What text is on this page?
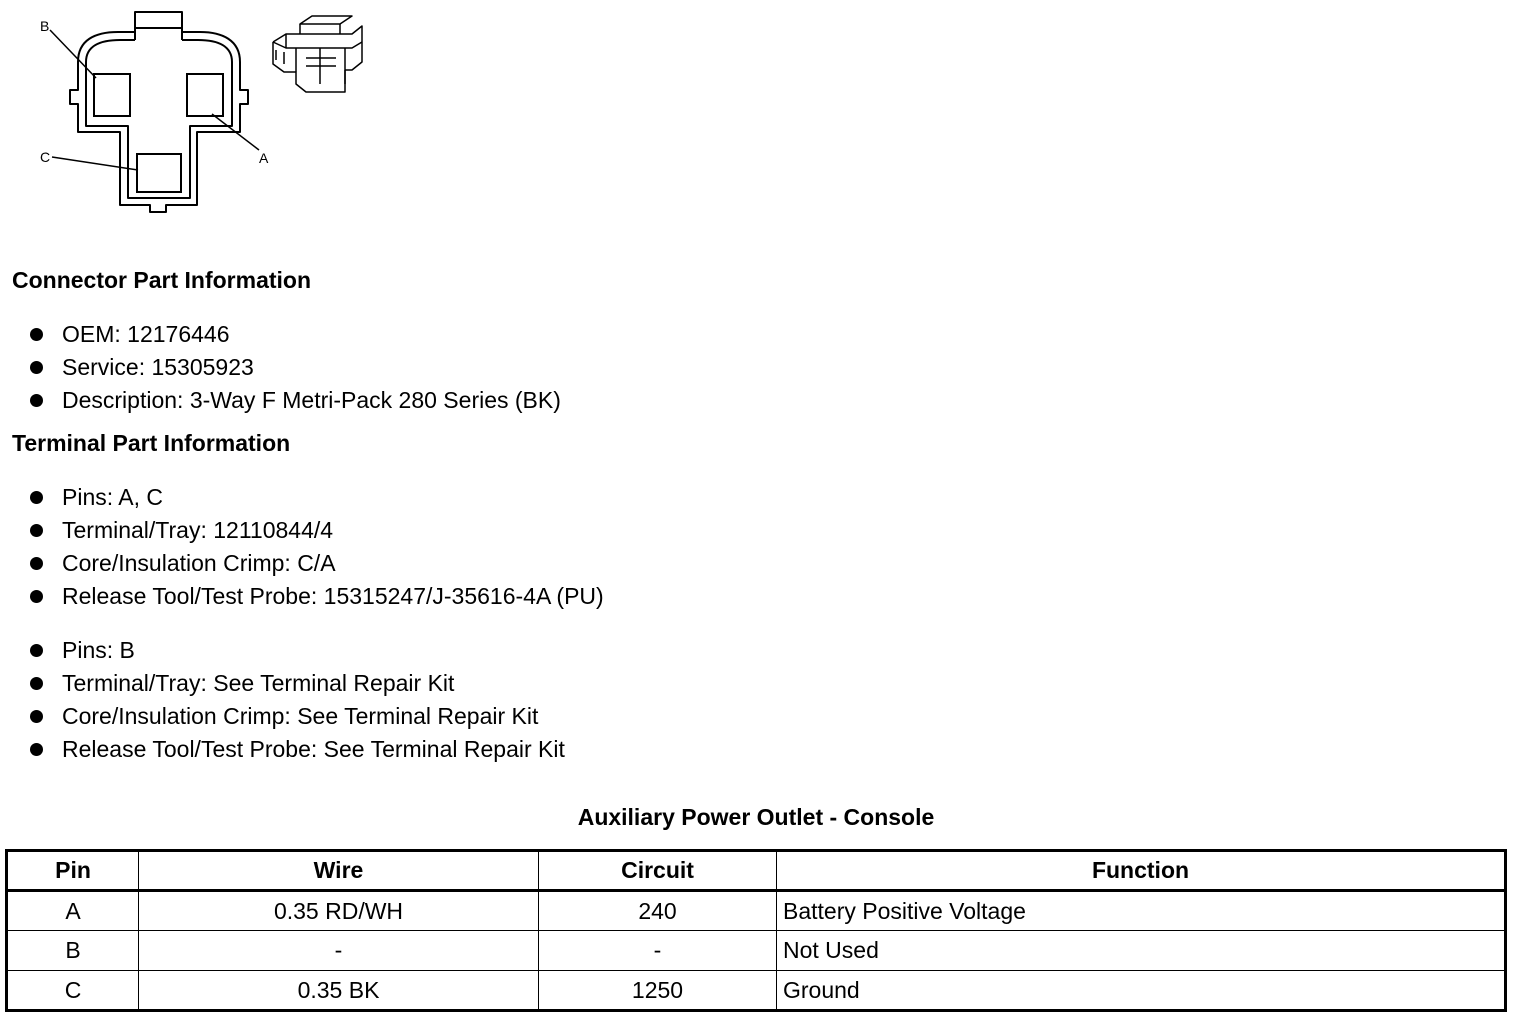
B
A
C
Connector Part Information
OEM: 12176446
Service: 15305923
Description: 3-Way F Metri-Pack 280 Series (BK)
Terminal Part Information
Pins: A, C
Terminal/Tray: 12110844/4
Core/Insulation Crimp: C/A
Release Tool/Test Probe: 15315247/J-35616-4A (PU)
Pins: B
Terminal/Tray: See Terminal Repair Kit
Core/Insulation Crimp: See Terminal Repair Kit
Release Tool/Test Probe: See Terminal Repair Kit
Auxiliary Power Outlet - Console
Pin	Wire	Circuit	Function
A	0.35 RD/WH	240	Battery Positive Voltage
B	-	-	Not Used
C	0.35 BK	1250	Ground
